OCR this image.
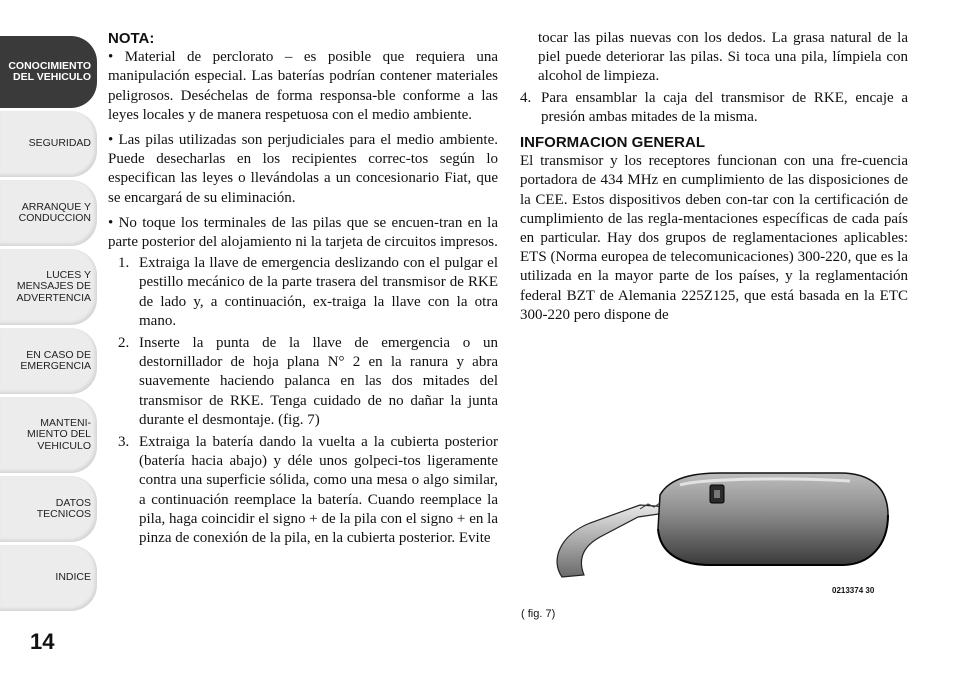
CONOCIMIENTO
DEL VEHICULO
SEGURIDAD
ARRANQUE Y
CONDUCCION
LUCES Y
MENSAJES DE
ADVERTENCIA
EN CASO DE
EMERGENCIA
MANTENI-
MIENTO DEL
VEHICULO
DATOS
TECNICOS
INDICE
14

NOTA:

• Material de perclorato – es posible que requiera una manipulación especial. Las baterías podrían contener materiales peligrosos. Deséchelas de forma responsa-ble conforme a las leyes locales y de manera respetuosa con el medio ambiente.

• Las pilas utilizadas son perjudiciales para el medio ambiente. Puede desecharlas en los recipientes correc-tos según lo especifican las leyes o llevándolas a un concesionario Fiat, que se encargará de su eliminación.

• No toque los terminales de las pilas que se encuen-tran en la parte posterior del alojamiento ni la tarjeta de circuitos impresos.

1. Extraiga la llave de emergencia deslizando con el pulgar el pestillo mecánico de la parte trasera del transmisor de RKE de lado y, a continuación, ex-traiga la llave con la otra mano.
2. Inserte la punta de la llave de emergencia o un destornillador de hoja plana N° 2 en la ranura y abra suavemente haciendo palanca en las dos mitades del transmisor de RKE. Tenga cuidado de no dañar la junta durante el desmontaje. (fig. 7)
3. Extraiga la batería dando la vuelta a la cubierta posterior (batería hacia abajo) y déle unos golpeci-tos ligeramente contra una superficie sólida, como una mesa o algo similar, a continuación reemplace la batería. Cuando reemplace la pila, haga coincidir el signo + de la pila con el signo + en la pinza de conexión de la pila, en la cubierta posterior. Evite

tocar las pilas nuevas con los dedos. La grasa natural de la piel puede deteriorar las pilas. Si toca una pila, límpiela con alcohol de limpieza.

4. Para ensamblar la caja del transmisor de RKE, encaje a presión ambas mitades de la misma.

INFORMACION GENERAL

El transmisor y los receptores funcionan con una fre-cuencia portadora de 434 MHz en cumplimiento de las disposiciones de la CEE. Estos dispositivos deben con-tar con la certificación de cumplimiento de las regla-mentaciones específicas de cada país en particular. Hay dos grupos de reglamentaciones aplicables: ETS (Norma europea de telecomunicaciones) 300-220, que es la utilizada en la mayor parte de los países, y la reglamentación federal BZT de Alemania 225Z125, que está basada en la ETC 300-220 pero dispone de

0213374 30
( fig. 7)
